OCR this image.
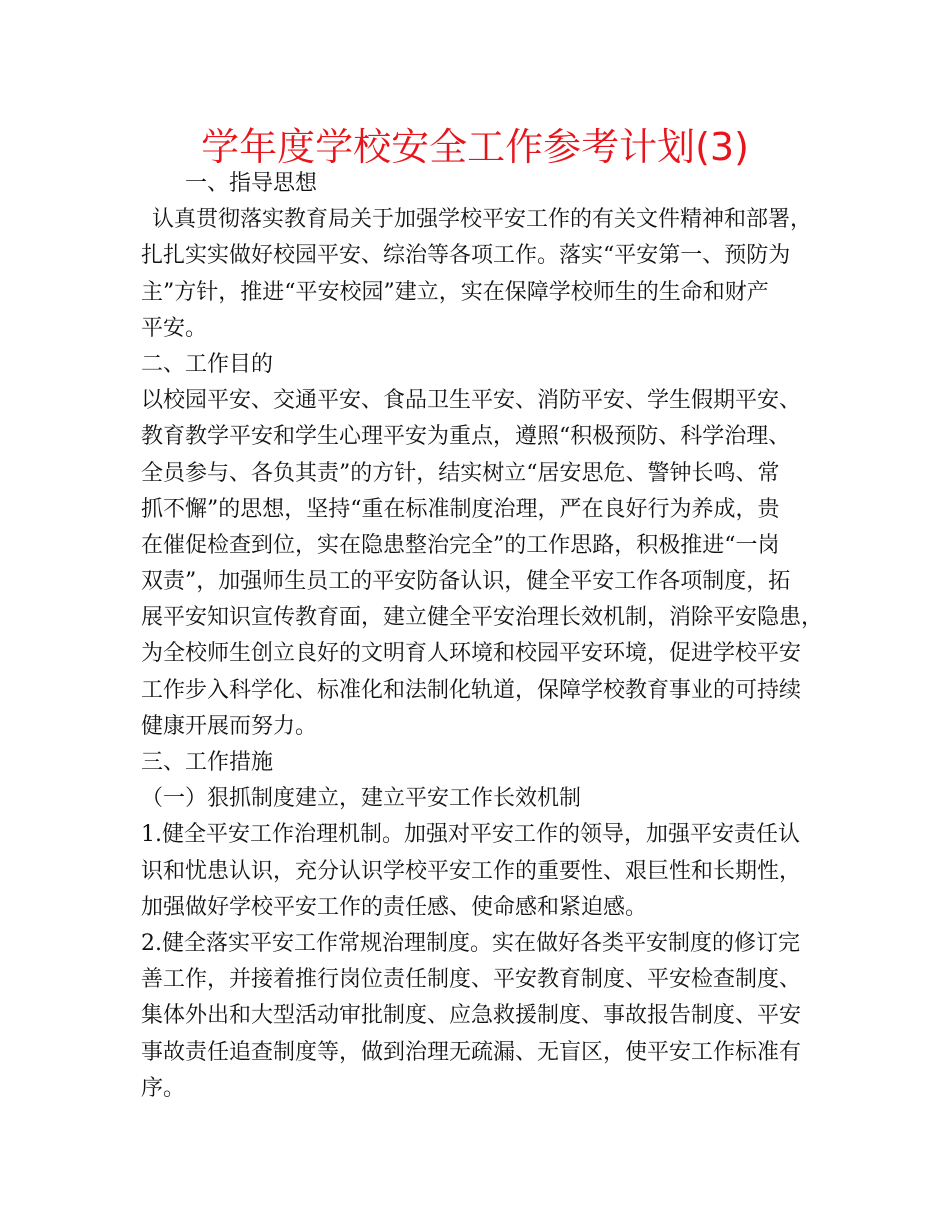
学年度学校安全工作参考计划(3)
一、指导思想
认真贯彻落实教育局关于加强学校平安工作的有关文件精神和部署，
扎扎实实做好校园平安、综治等各项工作。落实“平安第一、预防为
主”方针，推进“平安校园”建立，实在保障学校师生的生命和财产
平安。
二、工作目的
以校园平安、交通平安、食品卫生平安、消防平安、学生假期平安、
教育教学平安和学生心理平安为重点，遵照“积极预防、科学治理、
全员参与、各负其责”的方针，结实树立“居安思危、警钟长鸣、常
抓不懈”的思想，坚持“重在标准制度治理，严在良好行为养成，贵
在催促检查到位，实在隐患整治完全”的工作思路，积极推进“一岗
双责”，加强师生员工的平安防备认识，健全平安工作各项制度，拓
展平安知识宣传教育面，建立健全平安治理长效机制，消除平安隐患，
为全校师生创立良好的文明育人环境和校园平安环境，促进学校平安
工作步入科学化、标准化和法制化轨道，保障学校教育事业的可持续
健康开展而努力。
三、工作措施
（一）狠抓制度建立，建立平安工作长效机制
1.健全平安工作治理机制。加强对平安工作的领导，加强平安责任认
识和忧患认识，充分认识学校平安工作的重要性、艰巨性和长期性，
加强做好学校平安工作的责任感、使命感和紧迫感。
2.健全落实平安工作常规治理制度。实在做好各类平安制度的修订完
善工作，并接着推行岗位责任制度、平安教育制度、平安检查制度、
集体外出和大型活动审批制度、应急救援制度、事故报告制度、平安
事故责任追查制度等，做到治理无疏漏、无盲区，使平安工作标准有
序。
